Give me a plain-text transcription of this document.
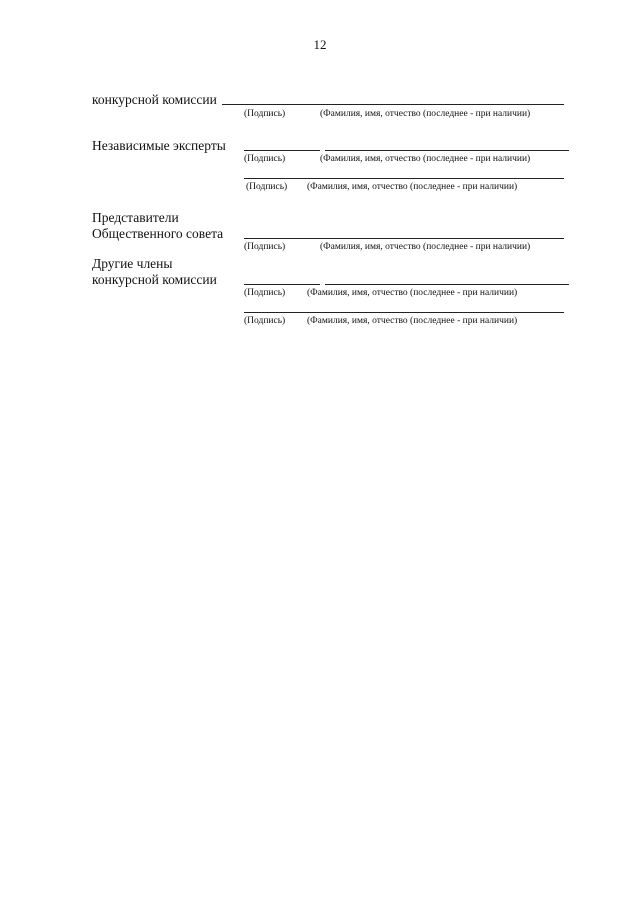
12
конкурсной комиссии
(Подпись)	(Фамилия, имя, отчество (последнее - при наличии)
Независимые эксперты
(Подпись)	(Фамилия, имя, отчество (последнее - при наличии)
(Подпись) (Фамилия, имя, отчество (последнее - при наличии)
Представители
Общественного совета
(Подпись)	(Фамилия, имя, отчество (последнее - при наличии)
Другие члены
конкурсной комиссии
(Подпись) (Фамилия, имя, отчество (последнее - при наличии)
(Подпись) (Фамилия, имя, отчество (последнее - при наличии)
